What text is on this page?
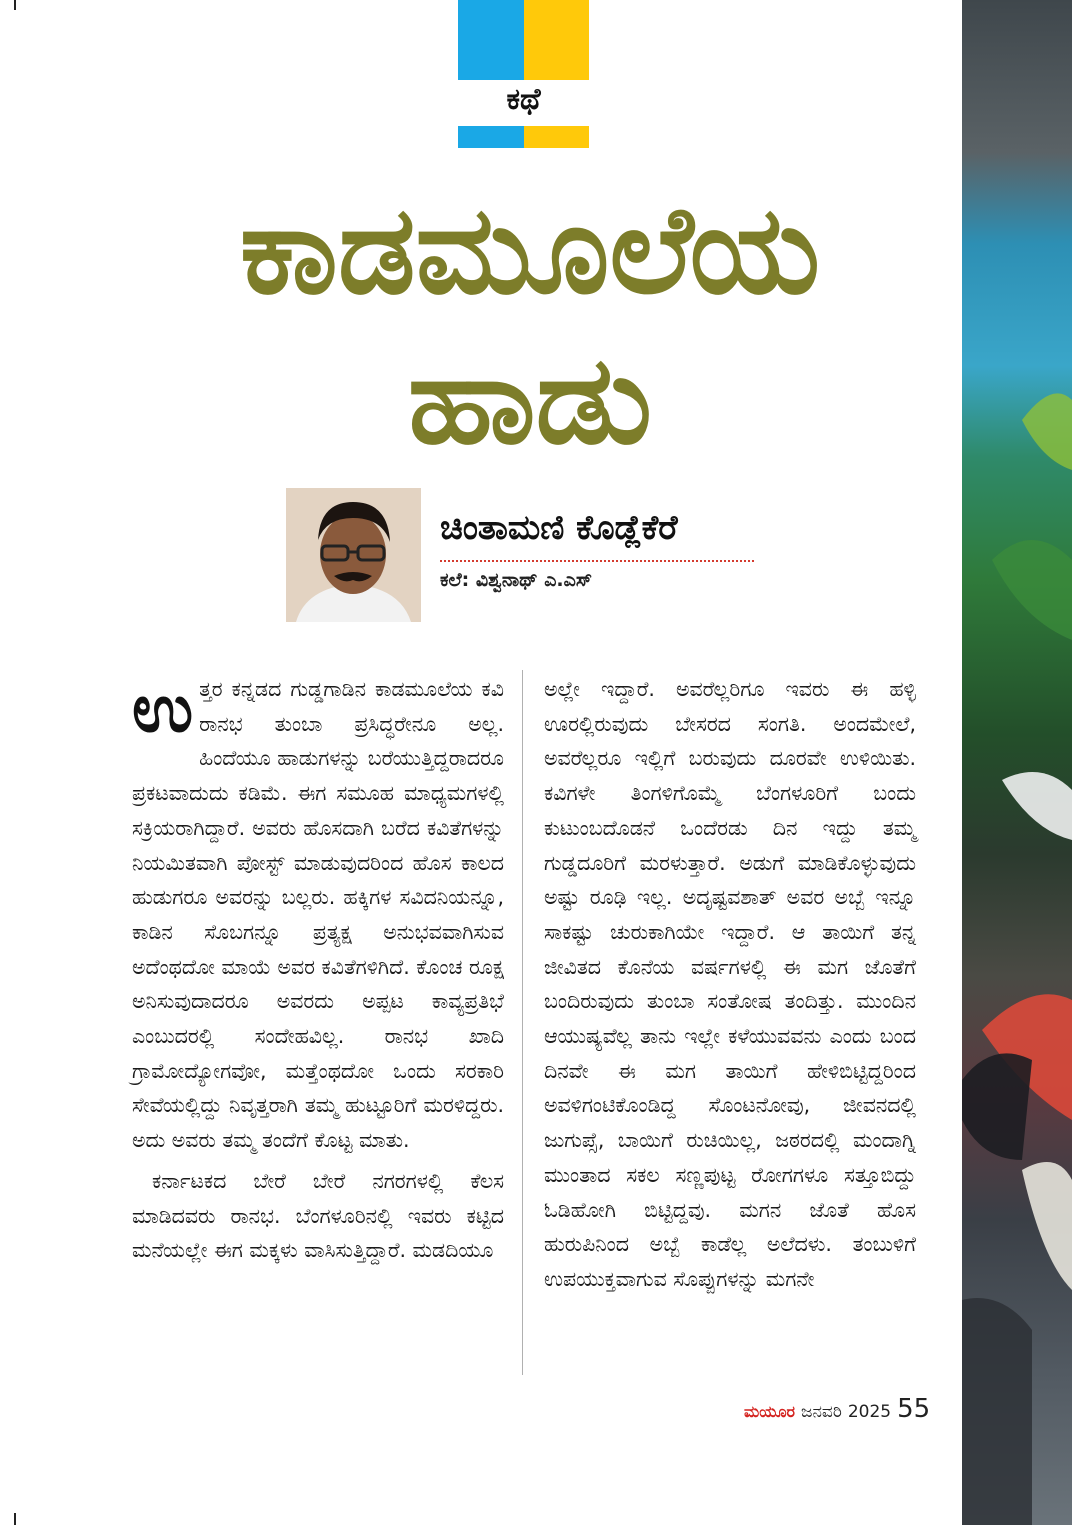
ಕಥೆ
ಕಾಡಮೂಲೆಯ
ಹಾಡು
ಚಿಂತಾಮಣಿ ಕೊಡ್ಲೆಕೆರೆ
ಕಲೆ: ವಿಶ್ವನಾಥ್ ಎ.ಎಸ್

ಉತ್ತರ ಕನ್ನಡದ ಗುಡ್ಡಗಾಡಿನ ಕಾಡಮೂಲೆಯ ಕವಿ ರಾನಭ ತುಂಬಾ ಪ್ರಸಿದ್ಧರೇನೂ ಅಲ್ಲ. ಹಿಂದೆಯೂ ಹಾಡುಗಳನ್ನು ಬರೆಯುತ್ತಿದ್ದರಾದರೂ ಪ್ರಕಟವಾದುದು ಕಡಿಮೆ. ಈಗ ಸಮೂಹ ಮಾಧ್ಯಮಗಳಲ್ಲಿ ಸಕ್ರಿಯರಾಗಿದ್ದಾರೆ. ಅವರು ಹೊಸದಾಗಿ ಬರೆದ ಕವಿತೆಗಳನ್ನು ನಿಯಮಿತವಾಗಿ ಪೋಸ್ಟ್ ಮಾಡುವುದರಿಂದ ಹೊಸ ಕಾಲದ ಹುಡುಗರೂ ಅವರನ್ನು ಬಲ್ಲರು. ಹಕ್ಕಿಗಳ ಸವಿದನಿಯನ್ನೂ, ಕಾಡಿನ ಸೊಬಗನ್ನೂ ಪ್ರತ್ಯಕ್ಷ ಅನುಭವವಾಗಿಸುವ ಅದೆಂಥದೋ ಮಾಯೆ ಅವರ ಕವಿತೆಗಳಿಗಿದೆ. ಕೊಂಚ ರೂಕ್ಷ ಅನಿಸುವುದಾದರೂ ಅವರದು ಅಪ್ಪಟ ಕಾವ್ಯಪ್ರತಿಭೆ ಎಂಬುದರಲ್ಲಿ ಸಂದೇಹವಿಲ್ಲ. ರಾನಭ ಖಾದಿ ಗ್ರಾಮೋದ್ಯೋಗವೋ, ಮತ್ತೆಂಥದೋ ಒಂದು ಸರಕಾರಿ ಸೇವೆಯಲ್ಲಿದ್ದು ನಿವೃತ್ತರಾಗಿ ತಮ್ಮ ಹುಟ್ಟೂರಿಗೆ ಮರಳಿದ್ದರು. ಅದು ಅವರು ತಮ್ಮ ತಂದೆಗೆ ಕೊಟ್ಟ ಮಾತು.

ಕರ್ನಾಟಕದ ಬೇರೆ ಬೇರೆ ನಗರಗಳಲ್ಲಿ ಕೆಲಸ ಮಾಡಿದವರು ರಾನಭ. ಬೆಂಗಳೂರಿನಲ್ಲಿ ಇವರು ಕಟ್ಟಿದ ಮನೆಯಲ್ಲೇ ಈಗ ಮಕ್ಕಳು ವಾಸಿಸುತ್ತಿದ್ದಾರೆ. ಮಡದಿಯೂ

ಅಲ್ಲೇ ಇದ್ದಾರೆ. ಅವರೆಲ್ಲರಿಗೂ ಇವರು ಈ ಹಳ್ಳಿ ಊರಲ್ಲಿರುವುದು ಬೇಸರದ ಸಂಗತಿ. ಅಂದಮೇಲೆ, ಅವರೆಲ್ಲರೂ ಇಲ್ಲಿಗೆ ಬರುವುದು ದೂರವೇ ಉಳಿಯಿತು. ಕವಿಗಳೇ ತಿಂಗಳಿಗೊಮ್ಮೆ ಬೆಂಗಳೂರಿಗೆ ಬಂದು ಕುಟುಂಬದೊಡನೆ ಒಂದೆರಡು ದಿನ ಇದ್ದು ತಮ್ಮ ಗುಡ್ಡದೂರಿಗೆ ಮರಳುತ್ತಾರೆ. ಅಡುಗೆ ಮಾಡಿಕೊಳ್ಳುವುದು ಅಷ್ಟು ರೂಢಿ ಇಲ್ಲ. ಅದೃಷ್ಟವಶಾತ್ ಅವರ ಅಬ್ಬೆ ಇನ್ನೂ ಸಾಕಷ್ಟು ಚುರುಕಾಗಿಯೇ ಇದ್ದಾರೆ. ಆ ತಾಯಿಗೆ ತನ್ನ ಜೀವಿತದ ಕೊನೆಯ ವರ್ಷಗಳಲ್ಲಿ ಈ ಮಗ ಜೊತೆಗೆ ಬಂದಿರುವುದು ತುಂಬಾ ಸಂತೋಷ ತಂದಿತ್ತು. ಮುಂದಿನ ಆಯುಷ್ಯವೆಲ್ಲ ತಾನು ಇಲ್ಲೇ ಕಳೆಯುವವನು ಎಂದು ಬಂದ ದಿನವೇ ಈ ಮಗ ತಾಯಿಗೆ ಹೇಳಿಬಿಟ್ಟಿದ್ದರಿಂದ ಅವಳಿಗಂಟಿಕೊಂಡಿದ್ದ ಸೊಂಟನೋವು, ಜೀವನದಲ್ಲಿ ಜುಗುಪ್ಸೆ, ಬಾಯಿಗೆ ರುಚಿಯಿಲ್ಲ, ಜಠರದಲ್ಲಿ ಮಂದಾಗ್ನಿ ಮುಂತಾದ ಸಕಲ ಸಣ್ಣಪುಟ್ಟ ರೋಗಗಳೂ ಸತ್ತೂಬಿದ್ದು ಓಡಿಹೋಗಿ ಬಿಟ್ಟಿದ್ದವು. ಮಗನ ಜೊತೆ ಹೊಸ ಹುರುಪಿನಿಂದ ಅಬ್ಬೆ ಕಾಡೆಲ್ಲ ಅಲೆದಳು. ತಂಬುಳಿಗೆ ಉಪಯುಕ್ತವಾಗುವ ಸೊಪ್ಪುಗಳನ್ನು ಮಗನೇ

ಮಯೂರ ಜನವರಿ 2025 55
